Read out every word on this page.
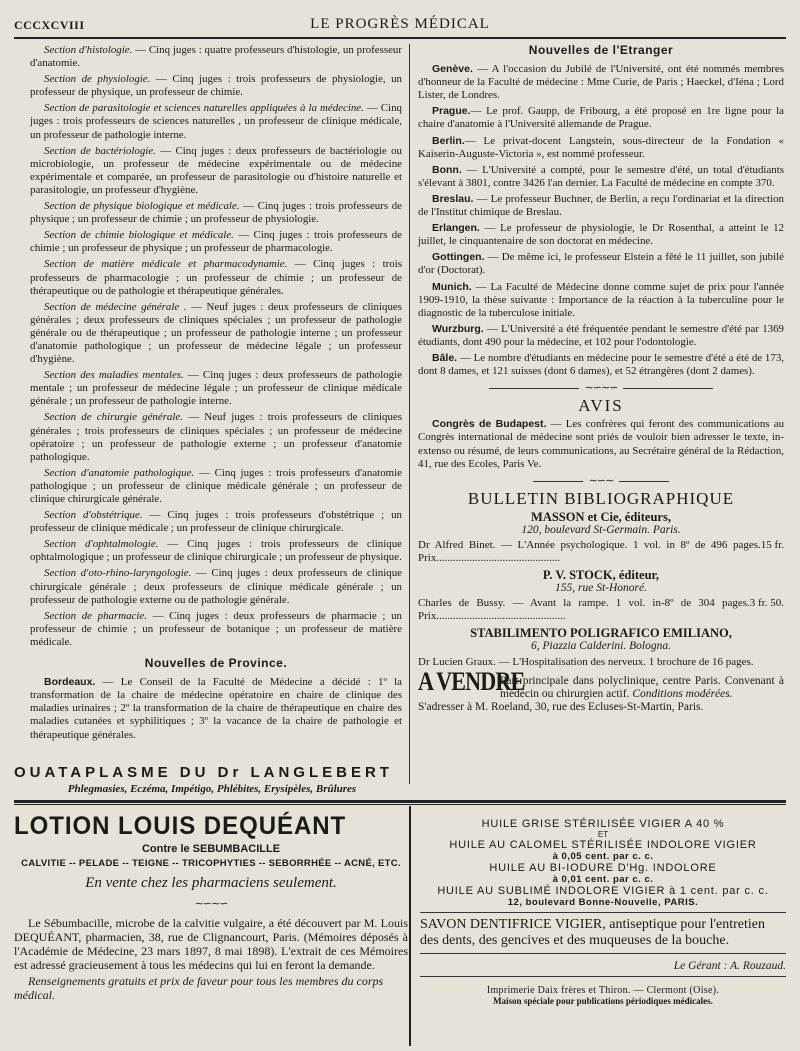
CCCXCVIII	LE PROGRÈS MÉDICAL

Section d'histologie. — Cinq juges : quatre professeurs d'histologie, un professeur d'anatomie.

Section de physiologie. — Cinq juges : trois professeurs de physiologie, un professeur de physique, un professeur de chimie.

Section de parasitologie et sciences naturelles appliquées à la médecine. — Cinq juges : trois professeurs de sciences naturelles , un professeur de clinique médicale, un professeur de pathologie interne.

Section de bactériologie. — Cinq juges : deux professeurs de bactériologie ou microbiologie, un professeur de médecine expérimentale ou de médecine expérimentale et comparée, un professeur de parasitologie ou d'histoire naturelle et parasitologie, un professeur d'hygiène.

Section de physique biologique et médicale. — Cinq juges : trois professeurs de physique ; un professeur de chimie ; un professeur de physiologie.

Section de chimie biologique et médicale. — Cinq juges : trois professeurs de chimie ; un professeur de physique ; un professeur de pharmacologie.

Section de matière médicale et pharmacodynamie. — Cinq juges : trois professeurs de pharmacologie ; un professeur de chimie ; un professeur de thérapeutique ou de pathologie et thérapeutique générales.

Section de médecine générale . — Neuf juges : deux professeurs de cliniques générales ; deux professeurs de cliniques spéciales ; un professeur de pathologie générale ou de thérapeutique ; un professeur de pathologie interne ; un professeur d'anatomie pathologique ; un professeur de médecine légale ; un professeur d'hygiène.

Section des maladies mentales. — Cinq juges : deux professeurs de pathologie mentale ; un professeur de médecine légale ; un professeur de clinique médicale générale ; un professeur de pathologie interne.

Section de chirurgie générale. — Neuf juges : trois professeurs de cliniques générales ; trois professeurs de cliniques spéciales ; un professeur de médecine opératoire ; un professeur de pathologie externe ; un professeur d'anatomie pathologique.

Section d'anatomie pathologique. — Cinq juges : trois professeurs d'anatomie pathologique ; un professeur de clinique médicale générale ; un professeur de clinique chirurgicale générale.

Section d'obstétrique. — Cinq juges : trois professeurs d'obstétrique ; un professeur de clinique médicale ; un professeur de clinique chirurgicale.

Section d'ophtalmologie. — Cinq juges : trois professeurs de clinique ophtalmologique ; un professeur de clinique chirurgicale ; un professeur de physique.

Section d'oto-rhino-laryngologie. — Cinq juges : deux professeurs de clinique chirurgicale générale ; deux professeurs de clinique médicale générale ; un professeur de pathologie externe ou de pathologie générale.

Section de pharmacie. — Cinq juges : deux professeurs de pharmacie ; un professeur de chimie ; un professeur de botanique ; un professeur de matière médicale.

Nouvelles de Province.

Bordeaux. — Le Conseil de la Faculté de Médecine a décidé : 1º la transformation de la chaire de médecine opératoire en chaire de clinique des maladies urinaires ; 2º la transformation de la chaire de thérapeutique en chaire des maladies cutanées et syphilitiques ; 3º la vacance de la chaire de pathologie et thérapeutique générales.

Nouvelles de l'Etranger

Genève. — A l'occasion du Jubilé de l'Université, ont été nommés membres d'honneur de la Faculté de médecine : Mme Curie, de Paris ; Haeckel, d'Iéna ; Lord Lister, de Londres.

Prague.— Le prof. Gaupp, de Fribourg, a été proposé en 1re ligne pour la chaire d'anatomie à l'Université allemande de Prague.

Berlin.— Le privat-docent Langstein, sous-directeur de la Fondation « Kaiserin-Auguste-Victoria », est nommé professeur.

Bonn. — L'Université a compté, pour le semestre d'été, un total d'étudiants s'élevant à 3801, contre 3426 l'an dernier. La Faculté de médecine en compte 370.

Breslau. — Le professeur Buchner, de Berlin, a reçu l'ordinariat et la direction de l'Institut chimique de Breslau.

Erlangen. — Le professeur de physiologie, le Dr Rosenthal, a atteint le 12 juillet, le cinquantenaire de son doctorat en médecine.

Gottingen. — De même ici, le professeur Elstein a fêté le 11 juillet, son jubilé d'or (Doctorat).

Munich. — La Faculté de Médecine donne comme sujet de prix pour l'année 1909-1910, la thèse suivante : Importance de la réaction à la tuberculine pour le diagnostic de la tuberculose initiale.

Wurzburg. — L'Université a été fréquentée pendant le semestre d'été par 1369 étudiants, dont 490 pour la médecine, et 102 pour l'odontologie.

Bâle. — Le nombre d'étudiants en médecine pour le semestre d'été a été de 173, dont 8 dames, et 121 suisses (dont 6 dames), et 52 étrangères (dont 2 dames).

∼∽∼∽
AVIS

Congrès de Budapest. — Les confrères qui feront des communications au Congrès international de médecine sont priés de vouloir bien adresser le texte, in-extenso ou résumé, de leurs communications, au Secrétaire général de la Rédaction, 41, rue des Ecoles, Paris Ve.

∼∽∼
BULLETIN BIBLIOGRAPHIQUE
MASSON et Cie, éditeurs,
120, boulevard St-Germain. Paris.
15 fr.
Dr Alfred Binet. — L'Année psychologique. 1 vol. in 8º de 496 pages. Prix.............................................
P. V. STOCK, éditeur,
155, rue St-Honoré.
3 fr. 50.
Charles de Bussy. — Avant la rampe. 1 vol. in-8º de 304 pages. Prix...............................................
STABILIMENTO POLIGRAFICO EMILIANO,
6, Piazzia Calderini. Bologna.
Dr Lucien Graux. — L'Hospitalisation des nerveux. 1 brochure de 16 pages.
A VENDRE
Part principale dans polyclinique, centre Paris. Convenant à médecin ou chirurgien actif. Conditions modérées.
S'adresser à M. Roeland, 30, rue des Ecluses-St-Martin, Paris.
OUATAPLASME DU Dr LANGLEBERT
Phlegmasies, Eczéma, Impétigo, Phlébites, Erysipèles, Brûlures
LOTION LOUIS DEQUÉANT
Contre le SEBUMBACILLE
CALVITIE -- PELADE -- TEIGNE -- TRICOPHYTIES -- SEBORRHÉE -- ACNÉ, ETC.
En vente chez les pharmaciens seulement.
∼∽∼∽

Le Sébumbacille, microbe de la calvitie vulgaire, a été découvert par M. Louis DEQUÉANT, pharmacien, 38, rue de Clignancourt, Paris. (Mémoires déposés à l'Académie de Médecine, 23 mars 1897, 8 mai 1898). L'extrait de ces Mémoires est adressé gracieusement à tous les médecins qui lui en feront la demande.

Renseignements gratuits et prix de faveur pour tous les membres du corps médical.

HUILE GRISE STÉRILISÉE VIGIER A 40 %
ET
HUILE AU CALOMEL STÉRILISÉE INDOLORE VIGIER
à 0,05 cent. par c. c.
HUILE AU BI-IODURE D'Hg. INDOLORE
à 0,01 cent. par c. c.
HUILE AU SUBLIMÉ INDOLORE VIGIER à 1 cent. par c. c.
12, boulevard Bonne-Nouvelle, PARIS.
SAVON DENTIFRICE VIGIER, antiseptique pour l'entretien des dents, des gencives et des muqueuses de la bouche.
Le Gérant : A. Rouzaud.
Imprimerie Daix frères et Thiron. — Clermont (Oise).
Maison spéciale pour publications périodiques médicales.
